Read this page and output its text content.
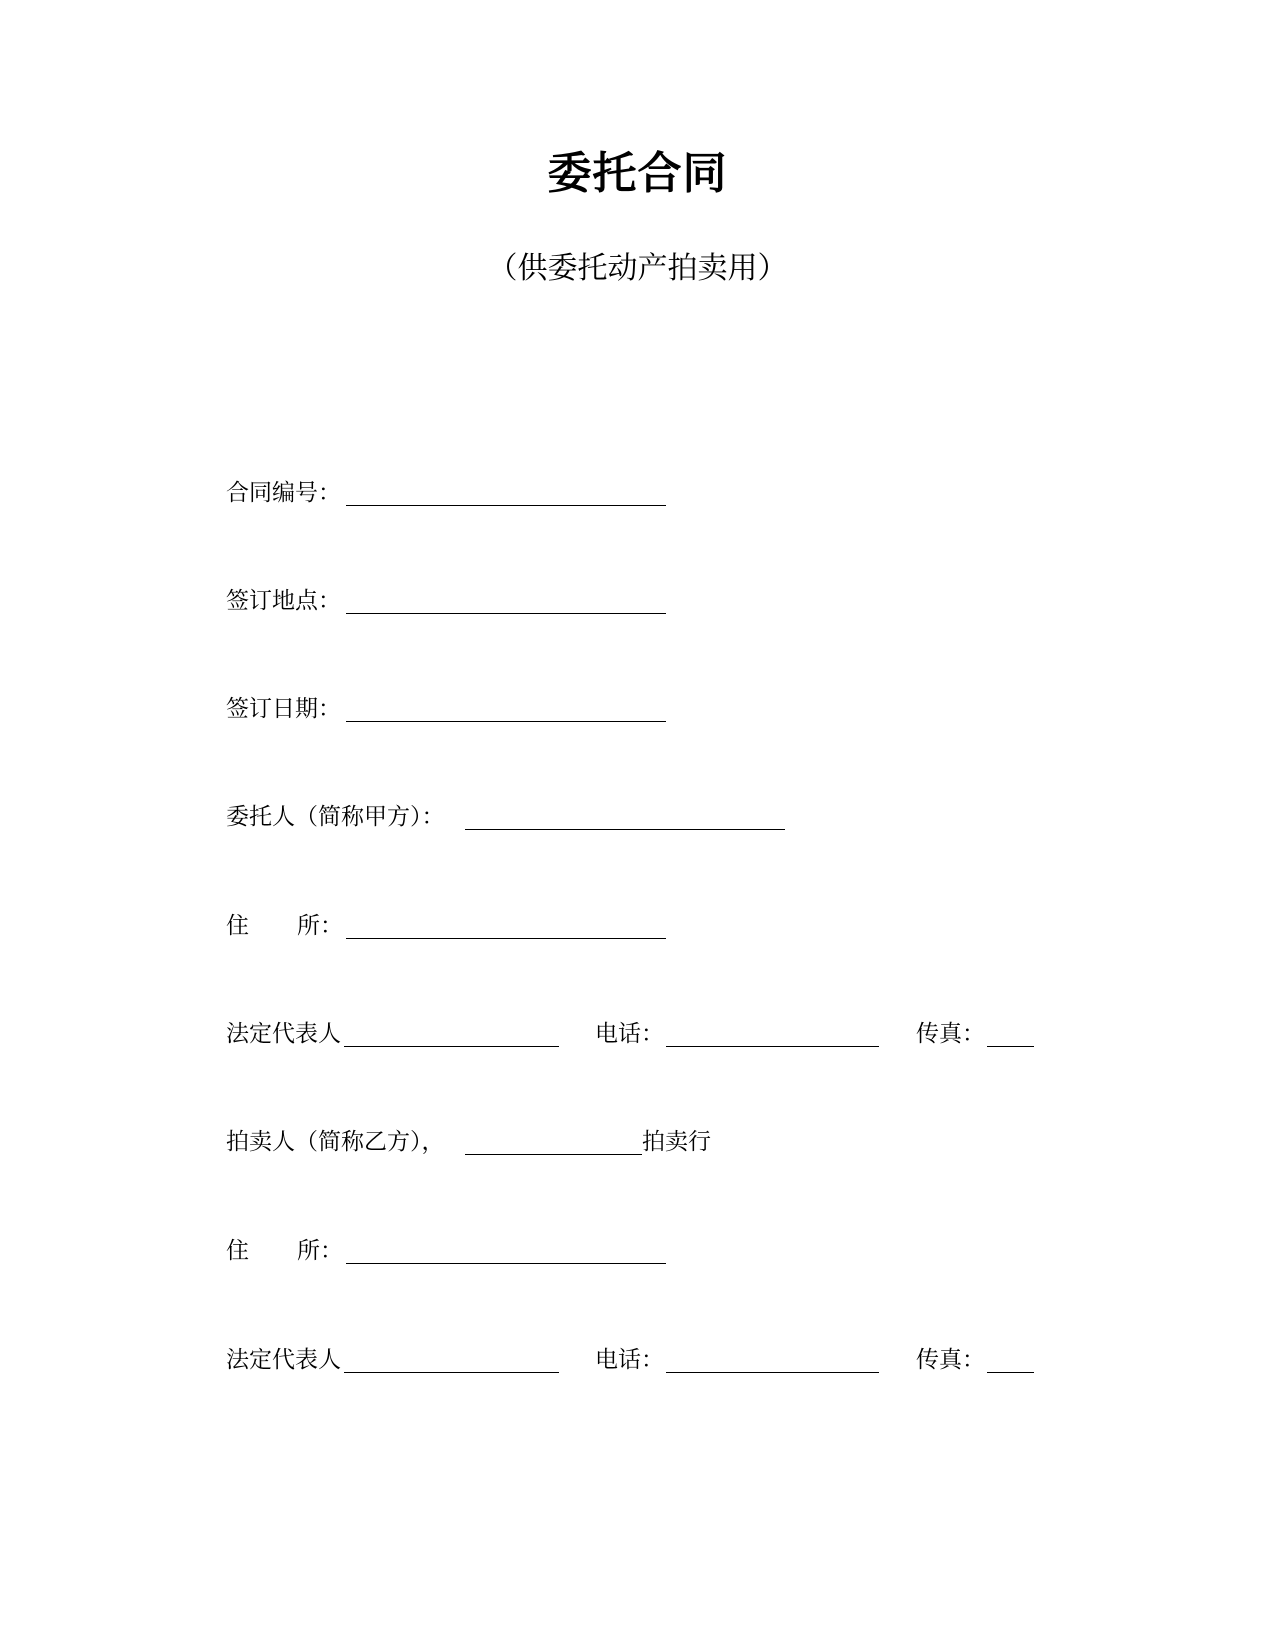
委托合同
（供委托动产拍卖用）
合同编号：
签订地点：
签订日期：
委托人（简称甲方）：
住 所：
法定代表人	电话：	传真：
拍卖人（简称乙方），	拍卖行
住 所：
法定代表人	电话：	传真：
